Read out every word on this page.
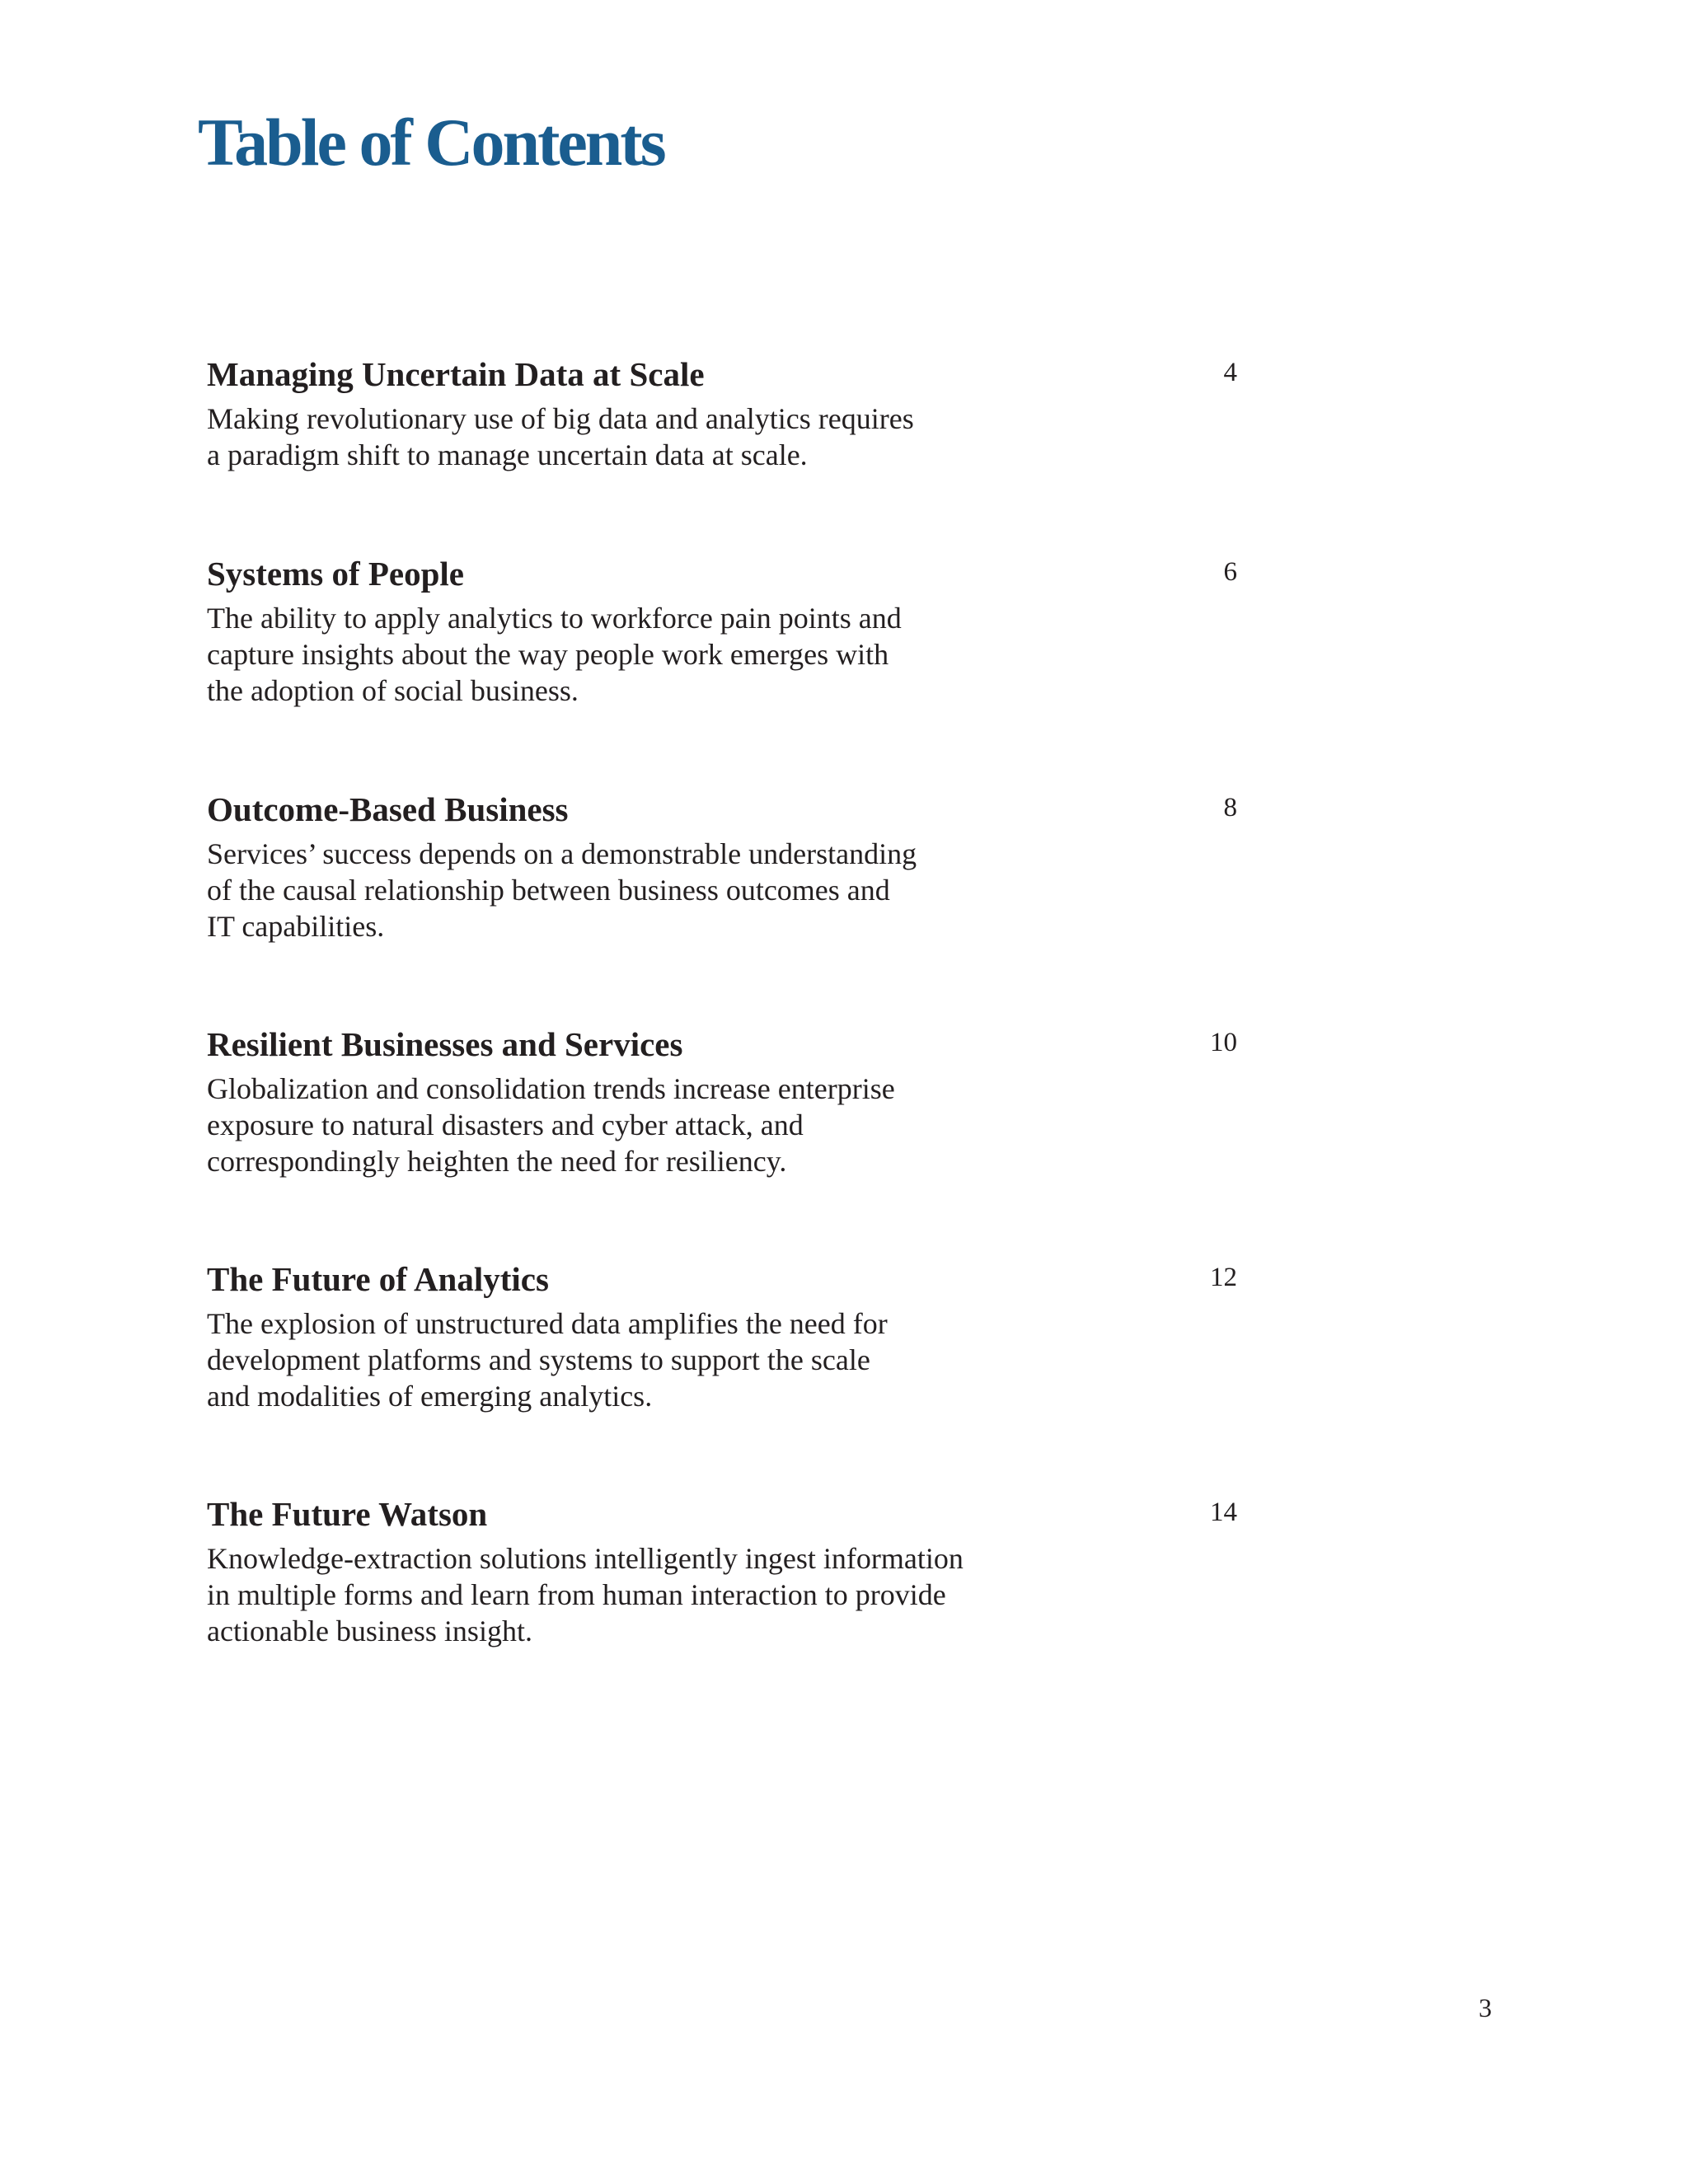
Table of Contents
Managing Uncertain Data at Scale

Making revolutionary use of big data and analytics requires
a paradigm shift to manage uncertain data at scale.

4
Systems of People

The ability to apply analytics to workforce pain points and
capture insights about the way people work emerges with
the adoption of social business.

6
Outcome-Based Business

Services’ success depends on a demonstrable understanding
of the causal relationship between business outcomes and
IT capabilities.

8
Resilient Businesses and Services

Globalization and consolidation trends increase enterprise
exposure to natural disasters and cyber attack, and
correspondingly heighten the need for resiliency.

10
The Future of Analytics

The explosion of unstructured data amplifies the need for
development platforms and systems to support the scale
and modalities of emerging analytics.

12
The Future Watson

Knowledge-extraction solutions intelligently ingest information
in multiple forms and learn from human interaction to provide
actionable business insight.

14
3
